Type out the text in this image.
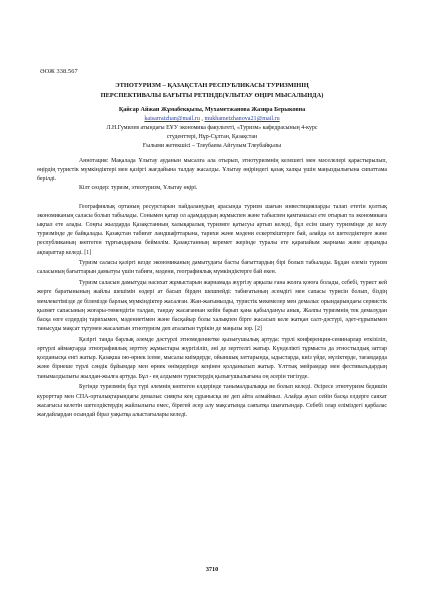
ӘОЖ 338.567
ЭТНОТУРИЗМ – ҚАЗАҚСТАН РЕСПУБЛИКАСЫ ТУРИЗМІНІҢ
ПЕРСПЕКТИВАЛЫ БАҒЫТЫ РЕТІНДЕ(ҰЛЫТАУ ӨҢІРІ МЫСАЛЫНДА)
Қайсар Айжан Жұмабекқызы, Мухаметжанова Жазира Берыковна
kaisarraizhan@mail.ru , mukhametzhanova21@mail.ru
Л.Н.Гумилев атындағы ЕҰУ экономика факультеті, «Туризм» кафедрасының 4-курс
студенттері, Нұр-Сұлтан, Қазақстан
Ғылыми жетекшісі – Тлеубаева Айгулым Тлеубайқызы

Аннотация: Мақалада Ұлытау ауданын мысалға ала отырып, этнотуризмнің келешегі мен мәселелері қарастырылып, өңірдің туристік мүмкіндіктері мен қазіргі жағдайына талдау жасалды. Ұлытау өңіріндегі қазақ халқы үшін маңыздылығына сипаттама берілді.

Кілт сөздер: туризм, этнотуризм, Ұлытау өңірі.

Географиялық ортаның ресурстарын пайдаланудың арасында туризм шағын инвестицияларды талап ететін қолтық экономиканың саласы болып табылады. Сонымен қатар ол адамдардың жұмыспен және табыспен қамтамасыз ете отырып та экономикаға ықпал ете алады. Соңғы жылдарда Қазақстанның халықаралық туризмге қатысуы артып келеді, бұл есім шығу туризмінде де келу туризмінде де байқалады. Қазақстан табиғат ландшафттарына, тарихи және мәдени ескерткіштерге бай, алайда ол шетелдіктерге және республиканың көптеген тұрғындарына беймәлім. Қазақстанның керемет жерінде туралы ете қарапайым жарнама және ауқымды ақпараттар келеді. [1]

Туризм саласы қазіргі кезде экономиканың дамытудағы басты бағыттардың бірі болып табылады. Бұдан елеміз туризм саласының бағыттарын дамытуы үшін табиғи, мәдени, географиялық мүмкіндіктерге бай екен.

Туризм саласын дамытуды насихат жұмыстарын жарнамада жүргізу арқылы ғана жолға қоюға болады, себебі, турист кей жерге баратынының жайлы шешімін өздері ат басып бірден шешпейді: табиғатының әсемдігі мен сапасы турисiн болып, біздің мемлекетімізде де білемізде барлық мүмкіндіктер жасалған. Жан-жағымызды, туристік мекемелер мен демалыс орындарындағы сервистік қызмет сапасының жоғары-төмендігін талдап, тандау жасағаннан кейін барып қана қабылдануы анық. Жалпы туризмнің тек демалудан басқа өзге елдердің тарихымен, мәдениетімен және басқайыр болы халықпен бірге жасасып келе жатқан салт-дәстүрі, әдет-ғұрыпымен танысуды мақсат тұтумен жасалатын этнотуризм деп аталатын түрікін де маңызы зор. [2]

Қазіргі таңда барлық әлемде дәстүрлі этномедениетке қызығушылық артуда: түрлі конференция-семинарлар өткізіліп, әртүрлі аймақтарда этнографиялық зерттеу жұмыстары жүргізіліп, әні де зерттелгі жатыр. Күнделікті тұрмыста да этностылдық заттар қолданысқа енгі жатыр. Қазақша ою-өрнек ісеме, мысалы киімдерде, ойыншық заттарында, ыдыстарда, киіз үйде, мүліктерде, тағамдарда және бірнеше түрлі сәндік бұйымдар мен өрнек өнімдерінде кеңінен қолданылып жатыр. Ұлттық мейрамдар мен фестивальдардың танымалдылығы жылдан-жылға артуда. Бұл - ең алдымен туристердің қызығушылығына оң әсерін тигізуде.

Бүгінде туризмнің бұл түрі әлемнің көптеген елдерінде танымалдылыққа ие болып келеді. Әсіресе этнотуризм бедишін курорттар мен СПА-орталықтарындағы демалыс сияқты кең сұранысқа ие деп айта алмаймыз. Алайда ауыл сейін басқа елдерге саяхат жасағысы келетін шетелдіктердің жайлылығы емес, бірегей әсер алу мақсатында саяхатқа шығатындар. Себебі олар еліміздегі қарбалас жағдайлардан осындай біраз уақытқа алыстағылары келеді.

3710
